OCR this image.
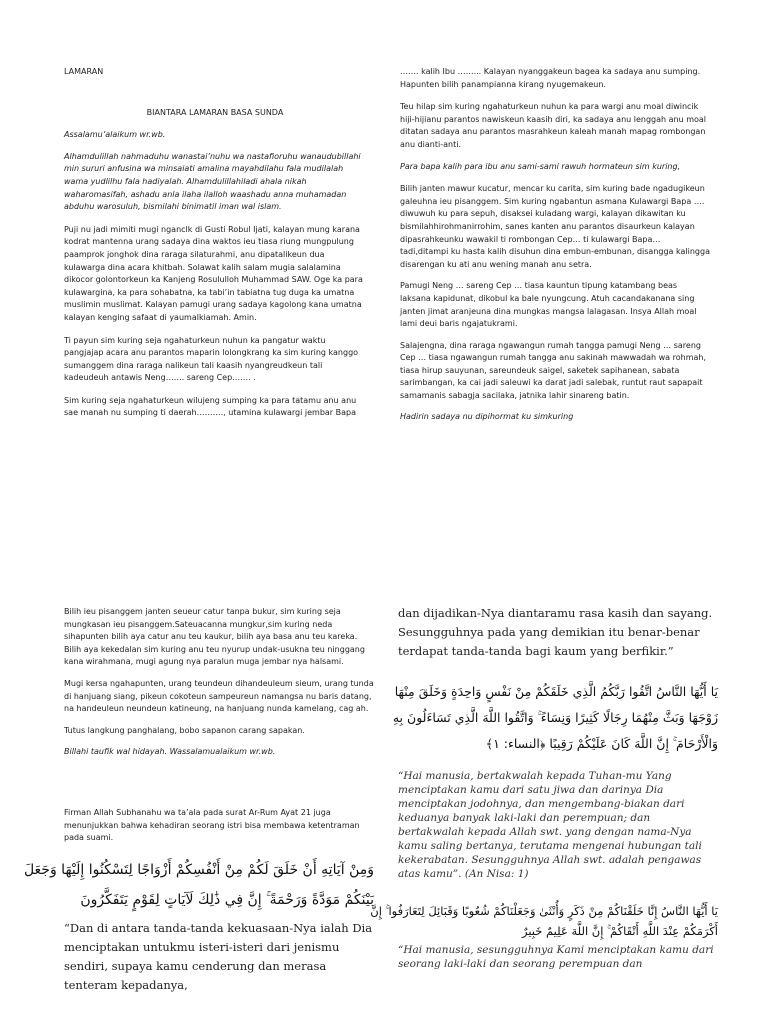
LAMARAN

BIANTARA LAMARAN BASA SUNDA

Assalamu’alaikum wr.wb.

Alhamdulillah nahmaduhu wanastai’nuhu wa nastafioruhu wanaudubillahi min sururi anfusina wa minsaiati amalina mayahdilahu fala mudilalah wama yudlilhu fala hadiyalah. Alhamdulillahiladi ahala nikah waharomasifah, ashadu anla ilaha ilalloh waashadu anna muhamadan abduhu warosuluh, bismilahi binimatil iman wal islam.

Puji nu jadi mimiti mugi nganclk di Gusti Robul Ijati, kalayan mung karana kodrat mantenna urang sadaya dina waktos ieu tiasa riung mungpulung paamprok jonghok dina raraga silaturahmi, anu dipatalikeun dua kulawarga dina acara khitbah. Solawat kalih salam mugia salalamina dikocor golontorkeun ka Kanjeng Rosululloh Muhammad SAW. Oge ka para kulawargina, ka para sohabatna, ka tabi’in tabiatna tug duga ka umatna muslimin muslimat. Kalayan pamugi urang sadaya kagolong kana umatna kalayan kenging safaat di yaumalkiamah. Amin.

Ti payun sim kuring seja ngahaturkeun nuhun ka pangatur waktu pangjajap acara anu parantos maparin lolongkrang ka sim kuring kanggo sumanggem dina raraga nalikeun tali kaasih nyangreudkeun tali kadeudeuh antawis Neng……. sareng Cep……. .

Sim kuring seja ngahaturkeun wilujeng sumping ka para tatamu anu anu sae manah nu sumping ti daerah………., utamina kulawargi jembar Bapa

……. kalih Ibu ……... Kalayan nyanggakeun bagea ka sadaya anu sumping. Hapunten bilih panampianna kirang nyugemakeun.

Teu hilap sim kuring ngahaturkeun nuhun ka para wargi anu moal diwincik hiji-hijianu parantos nawiskeun kaasih diri, ka sadaya anu lenggah anu moal ditatan sadaya anu parantos masrahkeun kaleah manah mapag rombongan anu dianti-anti.

Para bapa kalih para ibu anu sami-sami rawuh hormateun sim kuring,

Bilih janten mawur kucatur, mencar ku carita, sim kuring bade ngadugikeun galeuhna ieu pisanggem. Sim kuring ngabantun asmana Kulawargi Bapa …. diwuwuh ku para sepuh, disaksei kuladang wargi, kalayan dikawitan ku bismilahhirohmanirrohim, sanes kanten anu parantos disaurkeun kalayan dipasrahkeunku wawakil ti rombongan Cep… ti kulawargi Bapa… tadi,ditampi ku hasta kalih disuhun dina embun-embunan, disangga kalingga disarengan ku ati anu wening manah anu setra.

Pamugi Neng … sareng Cep … tiasa kauntun tipung katambang beas laksana kapidunat, dikobul ka bale nyungcung. Atuh cacandakanana sing janten jimat aranjeuna dina mungkas mangsa lalagasan. Insya Allah moal lami deui baris ngajatukrami.

Salajengna, dina raraga ngawangun rumah tangga pamugi Neng … sareng Cep … tiasa ngawangun rumah tangga anu sakinah mawwadah wa rohmah, tiasa hirup sauyunan, sareundeuk saigel, saketek sapihanean, sabata sarimbangan, ka cai jadi saleuwi ka darat jadi salebak, runtut raut sapapait samamanis sabagja sacilaka, jatnika lahir sinareng batin.

Hadirin sadaya nu dipihormat ku simkuring

Bilih ieu pisanggem janten seueur catur tanpa bukur, sim kuring seja mungkasan ieu pisanggem.Sateuacanna mungkur,sim kuring neda sihapunten bilih aya catur anu teu kaukur, bilih aya basa anu teu kareka. Bilih aya kekedalan sim kuring anu teu nyurup undak-usukna teu ninggang kana wirahmana, mugi agung nya paralun muga jembar nya halsami.

Mugi kersa ngahapunten, urang teundeun dihandeuleum sieum, urang tunda di hanjuang siang, pikeun cokoteun sampeureun namangsa nu baris datang, na handeuleun neundeun katineung, na hanjuang nunda kamelang, cag ah.

Tutus langkung panghalang, bobo sapanon carang sapakan.

Billahi taufik wal hidayah. Wassalamualaikum wr.wb.

Firman Allah Subhanahu wa ta’ala pada surat Ar-Rum Ayat 21 juga menunjukkan bahwa kehadiran seorang istri bisa membawa ketentraman pada suami.

وَمِنْ آيَاتِهِ أَنْ خَلَقَ لَكُمْ مِنْ أَنْفُسِكُمْ أَزْوَاجًا لِتَسْكُنُوا إِلَيْهَا وَجَعَلَ
بَيْنَكُمْ مَوَدَّةً وَرَحْمَةً ۚ إِنَّ فِي ذَٰلِكَ لَآيَاتٍ لِقَوْمٍ يَتَفَكَّرُونَ

“Dan di antara tanda-tanda kekuasaan-Nya ialah Dia menciptakan untukmu isteri-isteri dari jenismu sendiri, supaya kamu cenderung dan merasa tenteram kepadanya,

dan dijadikan-Nya diantaramu rasa kasih dan sayang. Sesungguhnya pada yang demikian itu benar-benar terdapat tanda-tanda bagi kaum yang berfikir.”

يَا أَيُّهَا النَّاسُ اتَّقُوا رَبَّكُمُ الَّذِي خَلَقَكُمْ مِنْ نَفْسٍ وَاحِدَةٍ وَخَلَقَ مِنْهَا
زَوْجَهَا وَبَثَّ مِنْهُمَا رِجَالًا كَثِيرًا وَنِسَاءً ۚ وَاتَّقُوا اللَّهَ الَّذِي تَسَاءَلُونَ بِهِ
وَالْأَرْحَامَ ۚ إِنَّ اللَّهَ كَانَ عَلَيْكُمْ رَقِيبًا ﴿النساء: ١﴾

“Hai manusia, bertakwalah kepada Tuhan-mu Yang menciptakan kamu dari satu jiwa dan darinya Dia menciptakan jodohnya, dan mengembang-biakan dari keduanya banyak laki-laki dan perempuan; dan bertakwalah kepada Allah swt. yang dengan nama-Nya kamu saling bertanya, terutama mengenai hubungan tali kekerabatan. Sesungguhnya Allah swt. adalah pengawas atas kamu”. (An Nisa: 1)

يَا أَيُّهَا النَّاسُ إِنَّا خَلَقْنَاكُمْ مِنْ ذَكَرٍ وَأُنْثَىٰ وَجَعَلْنَاكُمْ شُعُوبًا وَقَبَائِلَ لِتَعَارَفُوا ۚ إِنَّ
أَكْرَمَكُمْ عِنْدَ اللَّهِ أَتْقَاكُمْ ۚ إِنَّ اللَّهَ عَلِيمٌ خَبِيرٌ

“Hai manusia, sesungguhnya Kami menciptakan kamu dari seorang laki-laki dan seorang perempuan dan
